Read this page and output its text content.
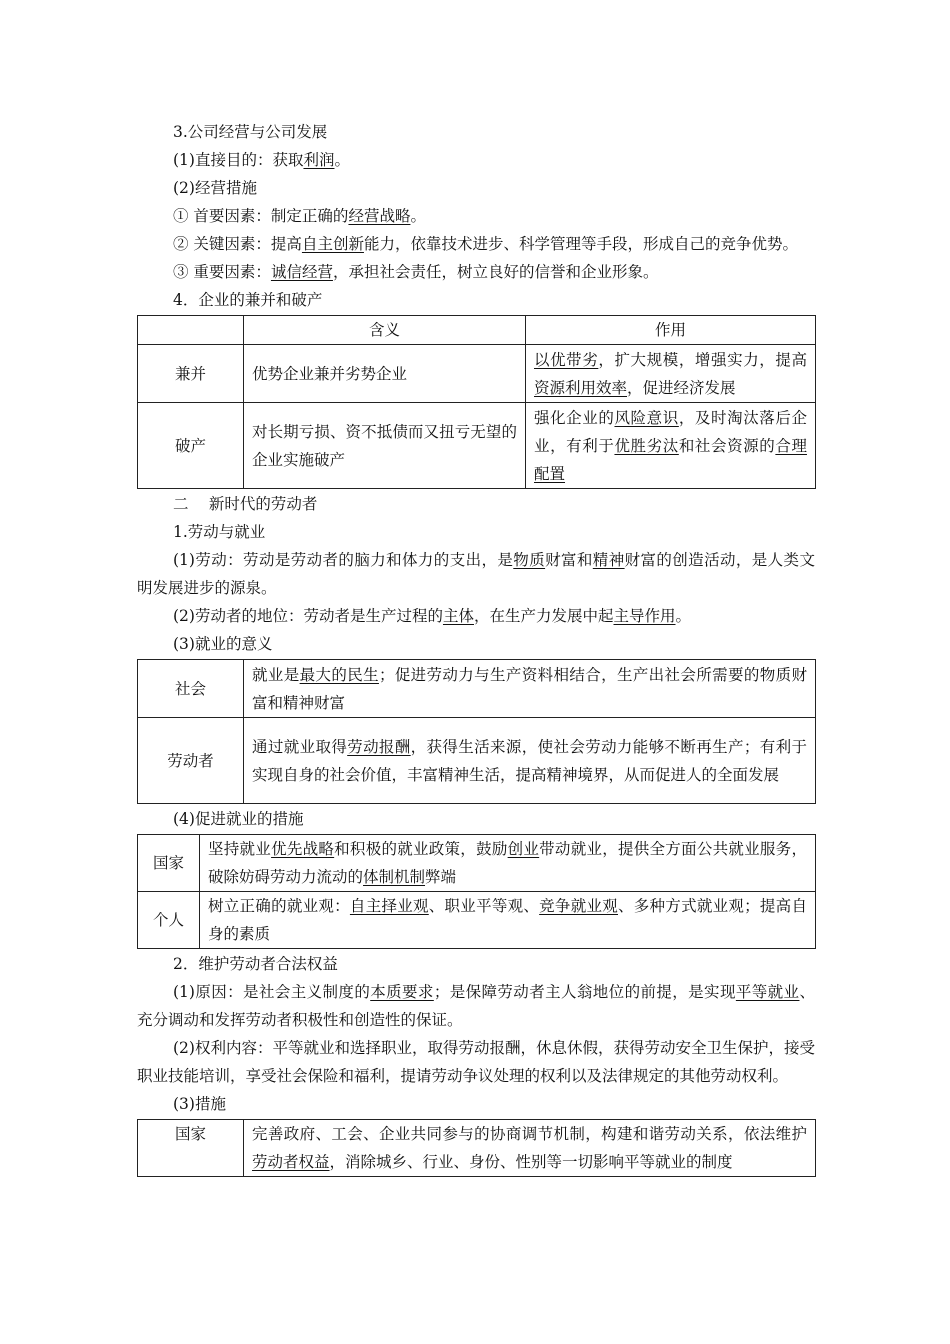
3.公司经营与公司发展

(1)直接目的：获取利润。

(2)经营措施

① 首要因素：制定正确的经营战略。

② 关键因素：提高自主创新能力，依靠技术进步、科学管理等手段，形成自己的竞争优势。

③ 重要因素：诚信经营，承担社会责任，树立良好的信誉和企业形象。

4．企业的兼并和破产

	含义	作用
兼并	优势企业兼并劣势企业	以优带劣，扩大规模，增强实力，提高资源利用效率，促进经济发展
破产	对长期亏损、资不抵债而又扭亏无望的企业实施破产	强化企业的风险意识，及时淘汰落后企业，有利于优胜劣汰和社会资源的合理配置

二　 新时代的劳动者

1.劳动与就业

(1)劳动：劳动是劳动者的脑力和体力的支出，是物质财富和精神财富的创造活动，是人类文明发展进步的源泉。

(2)劳动者的地位：劳动者是生产过程的主体，在生产力发展中起主导作用。

(3)就业的意义

社会	就业是最大的民生；促进劳动力与生产资料相结合，生产出社会所需要的物质财富和精神财富
劳动者	通过就业取得劳动报酬，获得生活来源，使社会劳动力能够不断再生产；有利于实现自身的社会价值，丰富精神生活，提高精神境界，从而促进人的全面发展

(4)促进就业的措施

国家	坚持就业优先战略和积极的就业政策，鼓励创业带动就业，提供全方面公共就业服务，破除妨碍劳动力流动的体制机制弊端
个人	树立正确的就业观：自主择业观、职业平等观、竞争就业观、多种方式就业观；提高自身的素质

2．维护劳动者合法权益

(1)原因：是社会主义制度的本质要求；是保障劳动者主人翁地位的前提，是实现平等就业、充分调动和发挥劳动者积极性和创造性的保证。

(2)权利内容：平等就业和选择职业，取得劳动报酬，休息休假，获得劳动安全卫生保护，接受职业技能培训，享受社会保险和福利，提请劳动争议处理的权利以及法律规定的其他劳动权利。

(3)措施

国家	完善政府、工会、企业共同参与的协商调节机制，构建和谐劳动关系，依法维护劳动者权益，消除城乡、行业、身份、性别等一切影响平等就业的制度
